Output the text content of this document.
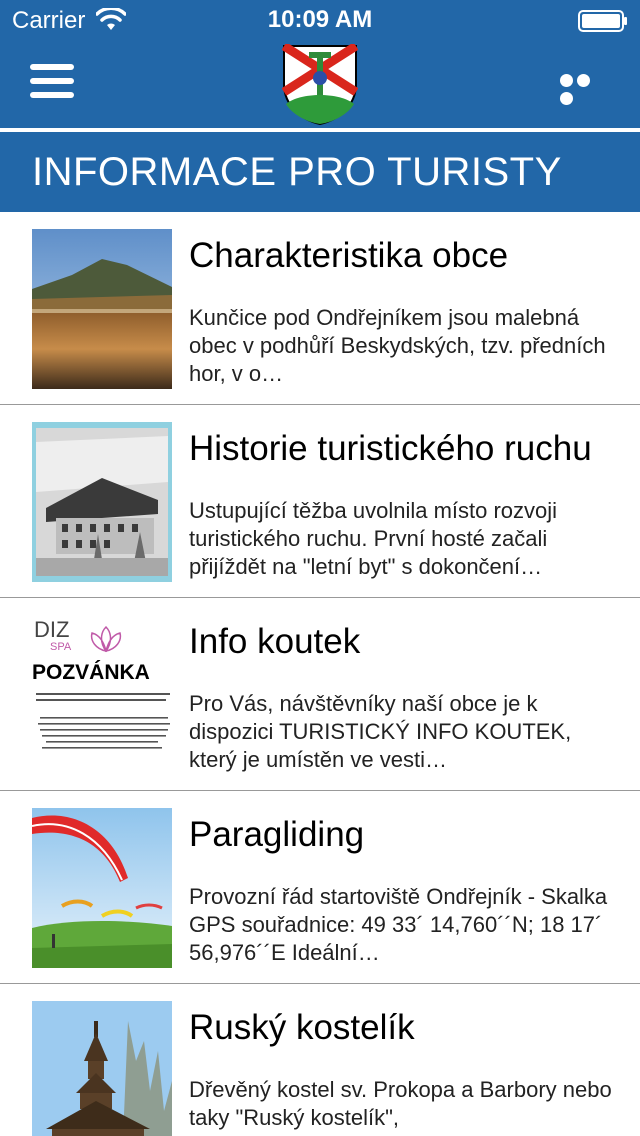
Carrier	10:09 AM
INFORMACE PRO TURISTY
Charakteristika obce
Kunčice pod Ondřejníkem jsou malebná obec v podhůří Beskydských, tzv. předních hor, v o…
Historie turistického ruchu
Ustupující těžba uvolnila místo rozvoji turistického ruchu. První hosté začali přijíždět na "letní byt" s dokončení…
DIZ
SPA
POZVÁNKA
Info koutek
Pro Vás, návštěvníky naší obce je k dispozici TURISTICKÝ INFO KOUTEK, který je umístěn ve vesti…
Paragliding
Provozní řád startoviště Ondřejník - Skalka GPS souřadnice: 49 33´ 14,760´´N; 18 17´ 56,976´´E Ideální…
Ruský kostelík
Dřevěný kostel sv. Prokopa a Barbory nebo taky "Ruský kostelík",
